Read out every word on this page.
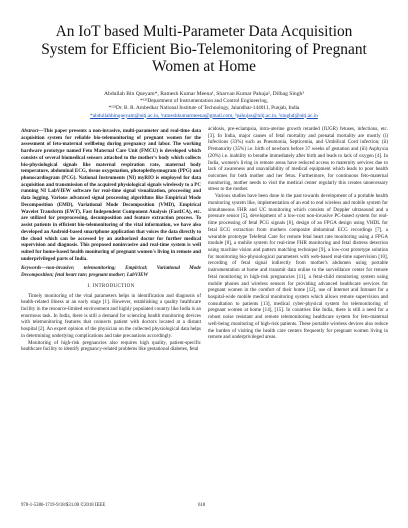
An IoT based Multi-Parameter Data Acquisition
System for Efficient Bio-Telemonitoring of Pregnant
Women at Home
Abdullah Bin Queyam*, Ramesh Kumar Meena¹, Sharvan Kumar Pahuja², Dilbag Singh³
*¹²³Department of Instrumentation and Control Engineering,
*¹²³Dr. B. R. Ambedkar National Institute of Technology, Jalandhar-144011, Punjab, India
*abdullahbinqueyam@nitj.ac.in, ¹rameshkumarmeena@gmail.com, ²pahujas@nitj.ac.in, ³singhd@nitj.ac.in

Abstract—This paper presents a non-invasive, multi-parameter and real-time data acquisition system for reliable bio-telemonitoring of pregnant women for the assessment of feto-maternal wellbeing during pregnancy and labor. The working hardware prototype named Feto Maternal Care Unit (FMCU) is developed which consists of several biomedical sensors attached to the mother's body which collects bio-physiological signals like maternal respiration rate, maternal body temperature, abdominal ECG, tissue oxygenation, photoplethysmogram (PPG) and phonocardiogram (PCG). National Instruments (NI) myRIO is employed for data acquisition and transmission of the acquired physiological signals wirelessly to a PC running NI LabVIEW software for real-time signal visualization, processing and data logging. Various advanced signal processing algorithms like Empirical Mode Decomposition (EMD), Variational Mode Decomposition (VMD), Empirical Wavelet Transform (EWT), Fast Independent Component Analysis (FastICA), etc. are utilized for preprocessing, decomposition and feature extraction process. To assist patients in efficient bio-telemonitoring of the vital information, we have also developed an Android-based smartphone application that voices the data directly to the cloud which can be accessed by an authorized doctor for further medical supervision and diagnosis. This proposed noninvasive and real-time system is well suited for home-based health monitoring of pregnant women's living in remote and underprivileged parts of India.

Keywords—non-invasive; telemonitoring; Empirical; Variational Mode Decomposition; fetal heart rate; pregnant mother; LabVIEW

I. INTRODUCTION

Timely monitoring of the vital parameters helps in identification and diagnosis of health-related illness at an early stage [1]. However, establishing a quality healthcare facility in the resource-limited environment and highly populated country like India is an enormous task. In India, there is still a demand for sciencing health monitoring devices with telemonitoring features that connects patient with doctors located at a distant hospital [2]. An expert opinion of the physician on the collected physiological data helps in determining underlying complications and take precautions accordingly.

Monitoring of high-risk pregnancies also requires high quality, patient-specific healthcare facility to identify pregnancy-related problems like gestational diabetes, fetal

acidosis, pre-eclampsia, intra-uterine growth retarded (IUGR) fetuses, infections, etc. [3]. In India, major causes of fetal mortality and prenatal mortality are mostly (i) Infections (33%) such as Pneumonia, Septicemia, and Umbilical Cord infection; (ii) Prematurity (35%) i.e. birth of newborn before 37 weeks of gestation and (iii) Asphyxia (20%) i.e. inability to breathe immediately after birth and leads to lack of oxygen [4]. In India, women's living in remote areas have reduced access to maternity services due to lack of awareness and unavailability of medical equipment which leads to poor health outcomes for both mother and her fetus. Furthermore, for continuous feto-maternal monitoring, mother needs to visit the medical center regularly this creates unnecessary stress to the mother.

Various studies have been done in the past towards development of a portable health monitoring system like, implementation of an end to end wireless and mobile system for simultaneous FHR and UC monitoring which consists of Doppler ultrasound and a pressure sensor [5], development of a low-cost non-invasive PC-based system for real-time processing of fetal PCG signals [6], design of an FPGA design using VHDL for fetal ECG extraction from mothers composite abdominal ECG recordings [7], a wearable prototype Telefetal Care for remote fetal heart rate monitoring using a FPGA module [8], a mobile system for real-time FHR monitoring and fetal distress detection using machine vision and pattern matching technique [9], a low-cost prototype solution for monitoring bio-physiological parameters with web-based real-time supervision [10], recording of fetal signal indirectly from mother's abdomen using portable instrumentation at home and transmit data online to the surveillance center for remote fetal monitoring in high-risk pregnancies [11], a fetal-child monitoring system using mobile phones and wireless sensors for providing advanced healthcare services for pregnant women in the comfort of their home [12], use of Internet and Intranet for a hospital-wide mobile medical monitoring system which allows remote supervision and consultation to patients [13], medical cyber-physical system for telemonitoring of pregnant women at home [14], [15]. In countries like India, there is still a need for a robust noise resistant and remote telemonitoring healthcare system for feto-maternal well-being monitoring of high-risk patients. These portable wireless devices also reduce the burden of visiting the health care centers frequently for pregnant women living in remote and underprivileged areas.

978-1-5386-1719-9/18/$31.00 ©2018 IEEE	618
